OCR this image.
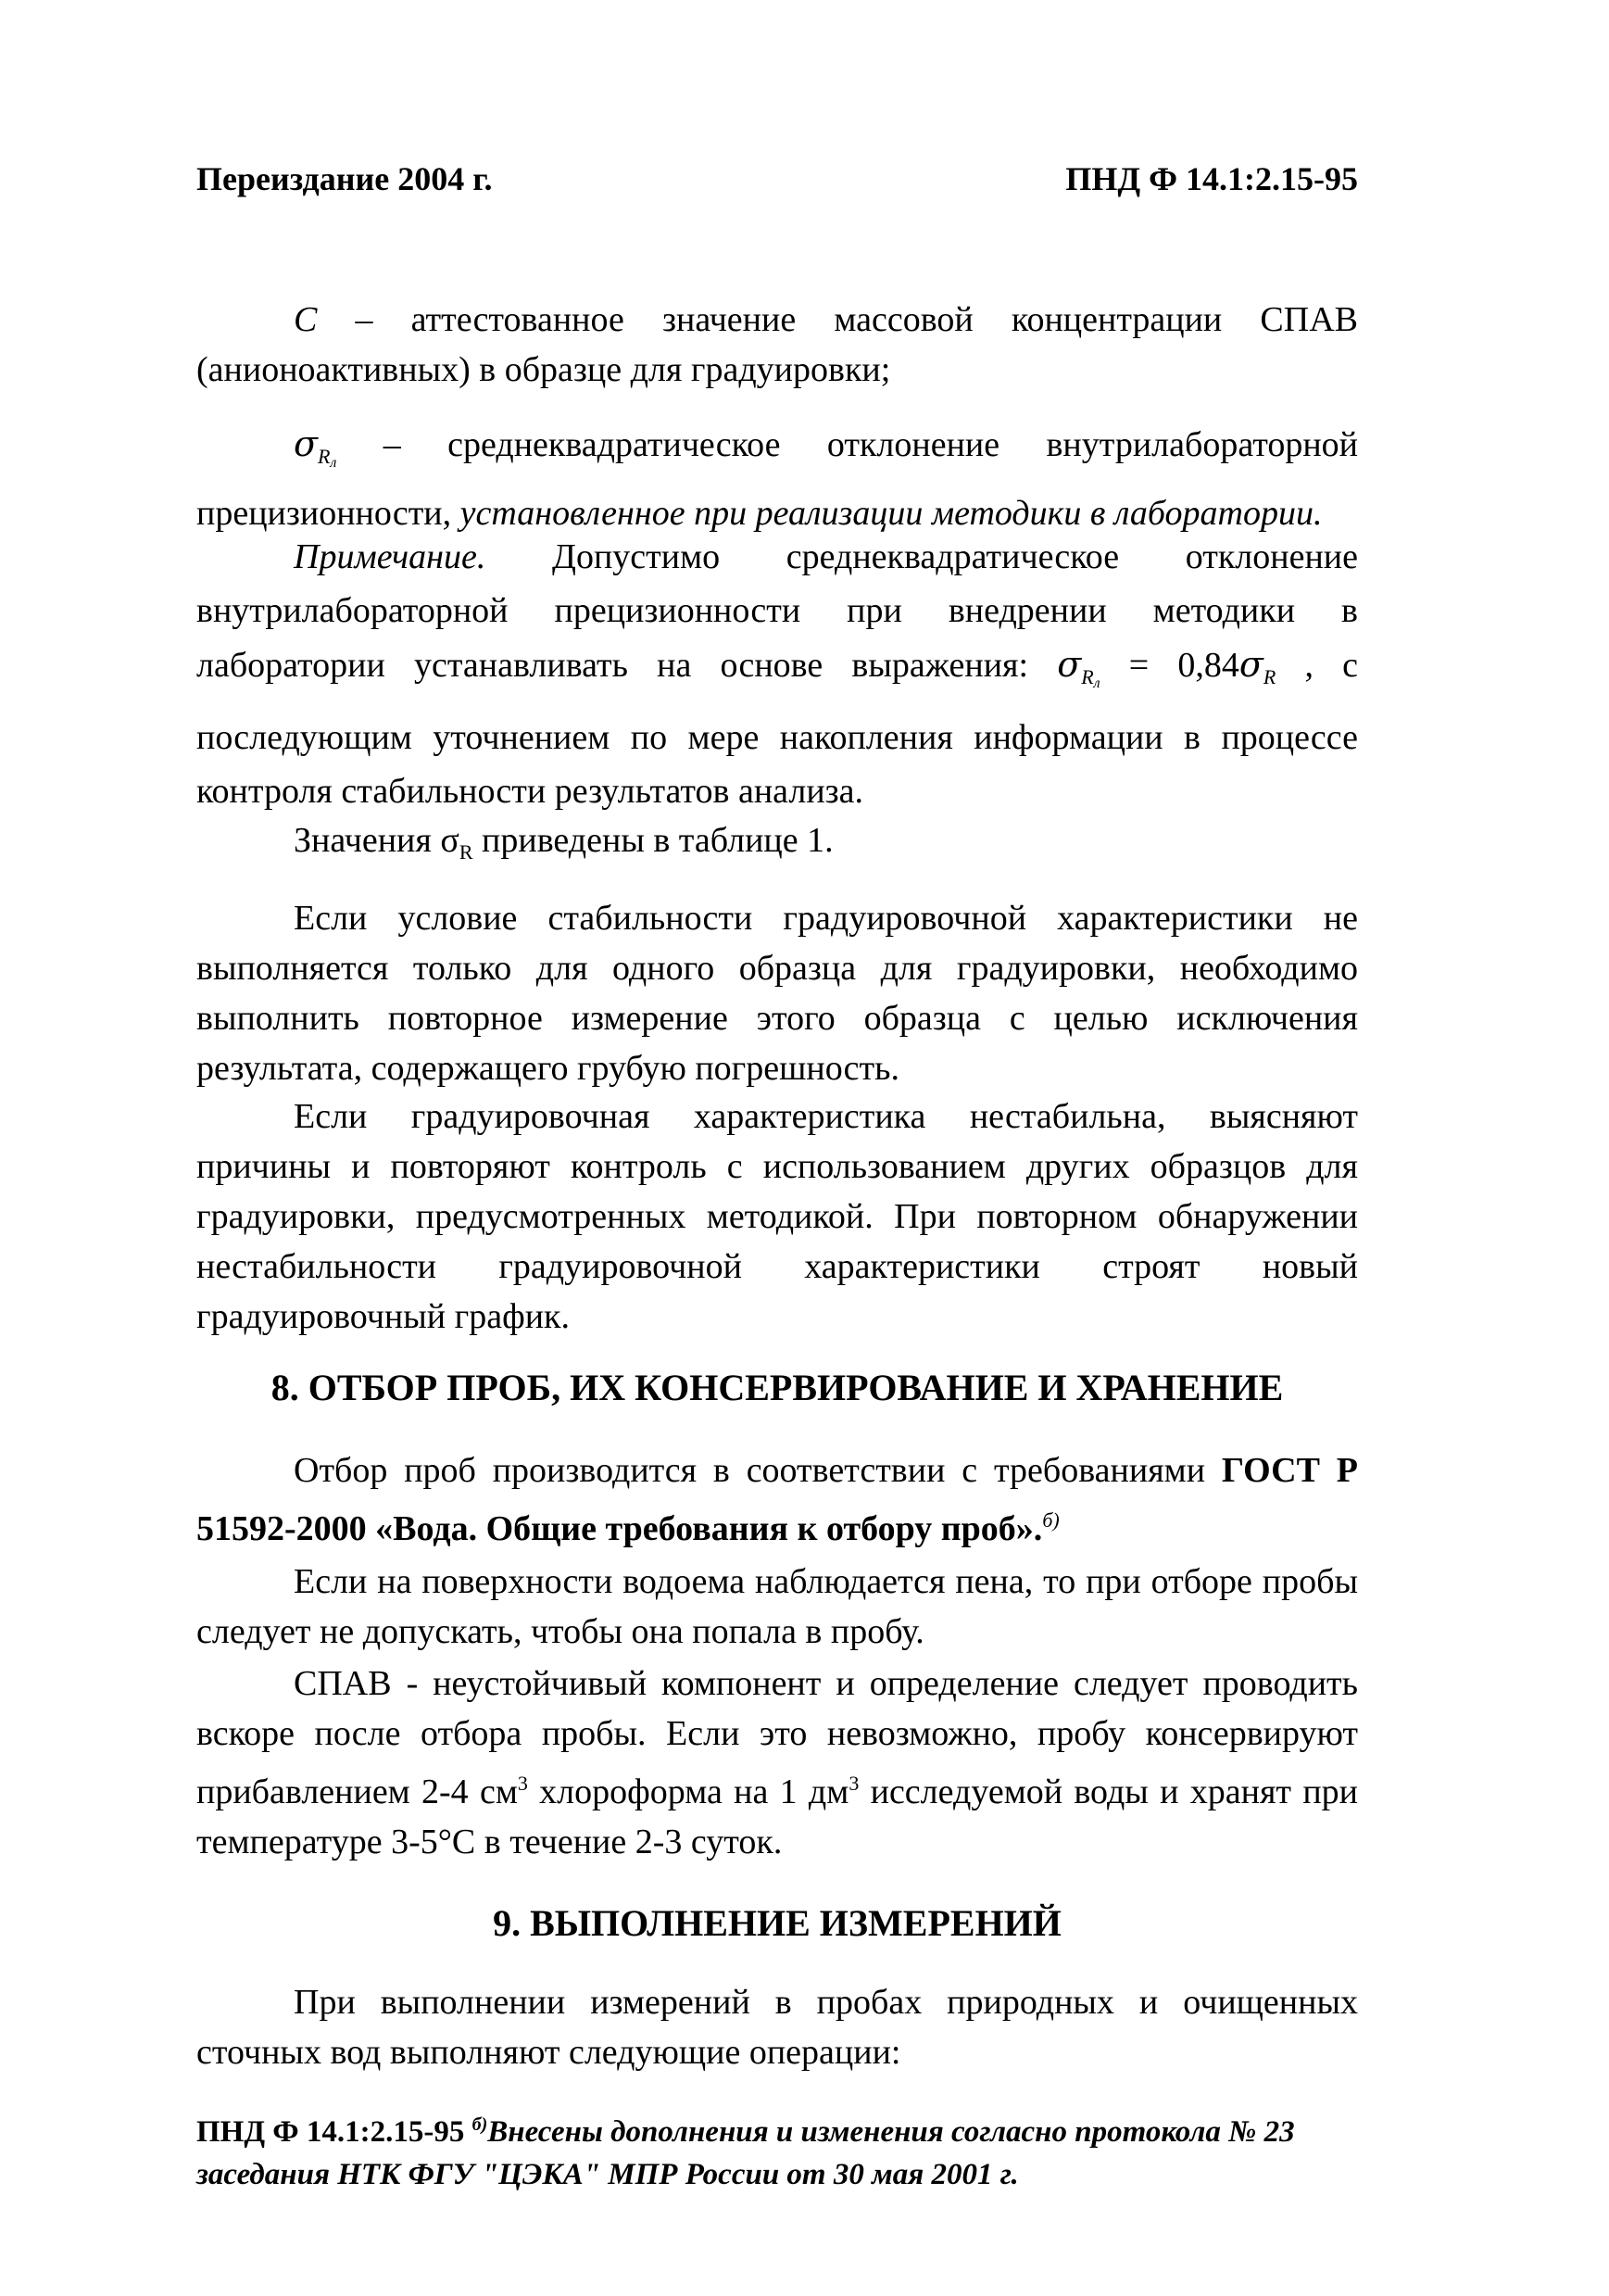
Переиздание 2004 г.	ПНД Ф 14.1:2.15-95

С – аттестованное значение массовой концентрации СПАВ (анионоактивных) в образце для градуировки;

$\sigma_{Rл}$ – среднеквадратическое отклонение внутрилабораторной прецизионности, установленное при реализации методики в лаборатории.

Примечание. Допустимо среднеквадратическое отклонение внутрилабораторной прецизионности при внедрении методики в лаборатории устанавливать на основе выражения: $\sigma_{Rл} = 0,84\sigma_R$ , с последующим уточнением по мере накопления информации в процессе контроля стабильности результатов анализа.

Значения $\sigma_R$ приведены в таблице 1.

Если условие стабильности градуировочной характеристики не выполняется только для одного образца для градуировки, необходимо выполнить повторное измерение этого образца с целью исключения результата, содержащего грубую погрешность.

Если градуировочная характеристика нестабильна, выясняют причины и повторяют контроль с использованием других образцов для градуировки, предусмотренных методикой. При повторном обнаружении нестабильности градуировочной характеристики строят новый градуировочный график.

8. ОТБОР ПРОБ, ИХ КОНСЕРВИРОВАНИЕ И ХРАНЕНИЕ

Отбор проб производится в соответствии с требованиями ГОСТ Р 51592-2000 «Вода. Общие требования к отбору проб».$^{б)}$

Если на поверхности водоема наблюдается пена, то при отборе пробы следует не допускать, чтобы она попала в пробу.

СПАВ - неустойчивый компонент и определение следует проводить вскоре после отбора пробы. Если это невозможно, пробу консервируют прибавлением 2-4 $см^3$ хлороформа на 1 $дм^3$ исследуемой воды и хранят при температуре 3-5°С в течение 2-3 суток.

9. ВЫПОЛНЕНИЕ ИЗМЕРЕНИЙ

При выполнении измерений в пробах природных и очищенных сточных вод выполняют следующие операции:

ПНД Ф 14.1:2.15-95 $^{б)}$Внесены дополнения и изменения согласно протокола № 23 заседания НТК ФГУ "ЦЭКА" МПР России от 30 мая 2001 г.
